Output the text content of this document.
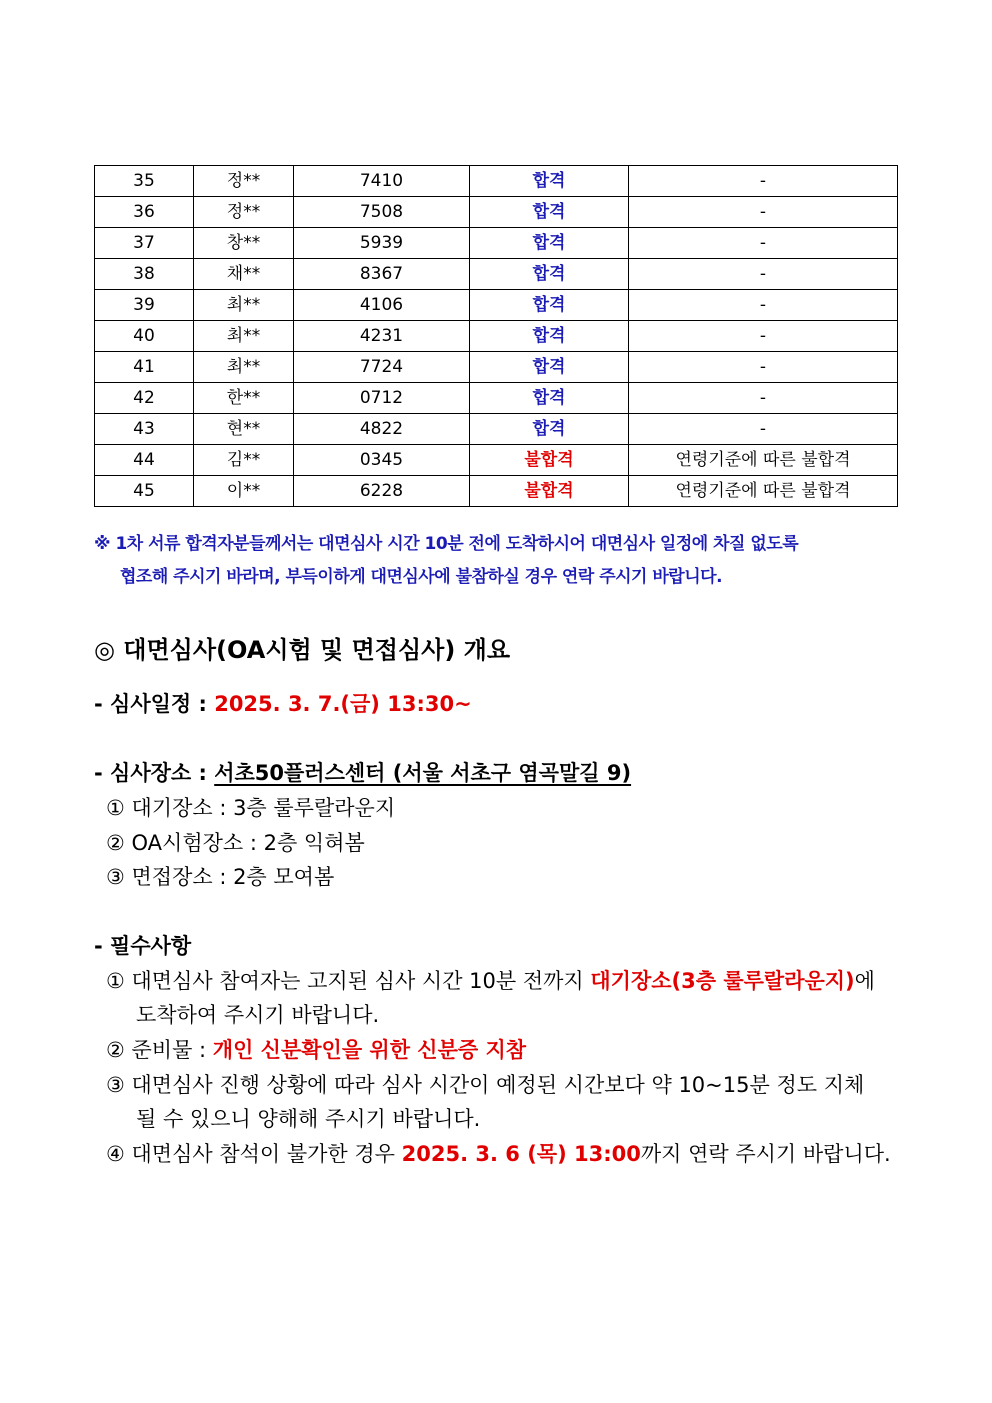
35	정**	7410	합격	-
36	정**	7508	합격	-
37	창**	5939	합격	-
38	채**	8367	합격	-
39	최**	4106	합격	-
40	최**	4231	합격	-
41	최**	7724	합격	-
42	한**	0712	합격	-
43	현**	4822	합격	-
44	김**	0345	불합격	연령기준에 따른 불합격
45	이**	6228	불합격	연령기준에 따른 불합격
※ 1차 서류 합격자분들께서는 대면심사 시간 10분 전에 도착하시어 대면심사 일정에 차질 없도록
협조해 주시기 바라며, 부득이하게 대면심사에 불참하실 경우 연락 주시기 바랍니다.
◎ 대면심사(OA시험 및 면접심사) 개요
- 심사일정 : 2025. 3. 7.(금) 13:30~
- 심사장소 : 서초50플러스센터 (서울 서초구 염곡말길 9)
① 대기장소 : 3층 룰루랄라운지
② OA시험장소 : 2층 익혀봄
③ 면접장소 : 2층 모여봄
- 필수사항
① 대면심사 참여자는 고지된 심사 시간 10분 전까지 대기장소(3층 룰루랄라운지)에
도착하여 주시기 바랍니다.
② 준비물 : 개인 신분확인을 위한 신분증 지참
③ 대면심사 진행 상황에 따라 심사 시간이 예정된 시간보다 약 10~15분 정도 지체
될 수 있으니 양해해 주시기 바랍니다.
④ 대면심사 참석이 불가한 경우 2025. 3. 6 (목) 13:00까지 연락 주시기 바랍니다.
